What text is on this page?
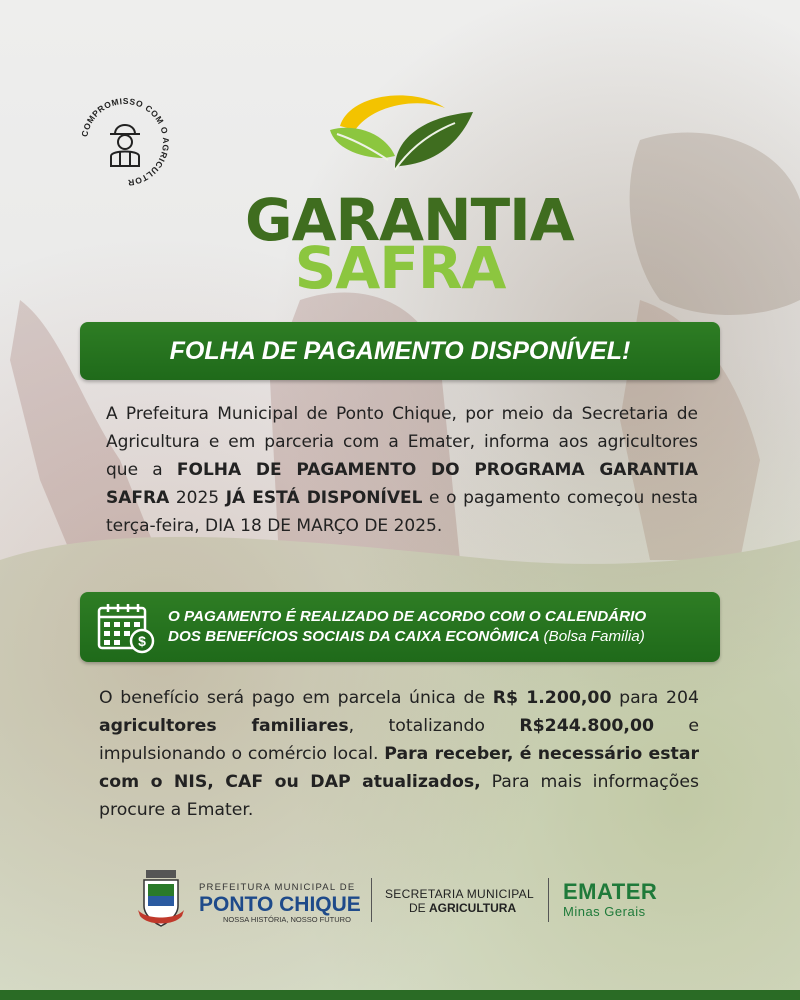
COMPROMISSO COM O AGRICULTOR
GARANTIA
SAFRA
FOLHA DE PAGAMENTO DISPONÍVEL!
A Prefeitura Municipal de Ponto Chique, por meio da Secretaria de Agricultura e em parceria com a Emater, informa aos agricultores que a FOLHA DE PAGAMENTO DO PROGRAMA GARANTIA SAFRA 2025 JÁ ESTÁ DISPONÍVEL e o pagamento começou nesta terça-feira, DIA 18 DE MARÇO DE 2025.
$
O PAGAMENTO É REALIZADO DE ACORDO COM O CALENDÁRIO
DOS BENEFÍCIOS SOCIAIS DA CAIXA ECONÔMICA (Bolsa Familia)
O benefício será pago em parcela única de R$ 1.200,00 para 204 agricultores familiares, totalizando R$244.800,00 e impulsionando o comércio local. Para receber, é necessário estar com o NIS, CAF ou DAP atualizados, Para mais informações procure a Emater.
PREFEITURA MUNICIPAL DE
PONTO CHIQUE
NOSSA HISTÓRIA, NOSSO FUTURO
SECRETARIA MUNICIPAL
DE AGRICULTURA
EMATER
Minas Gerais
